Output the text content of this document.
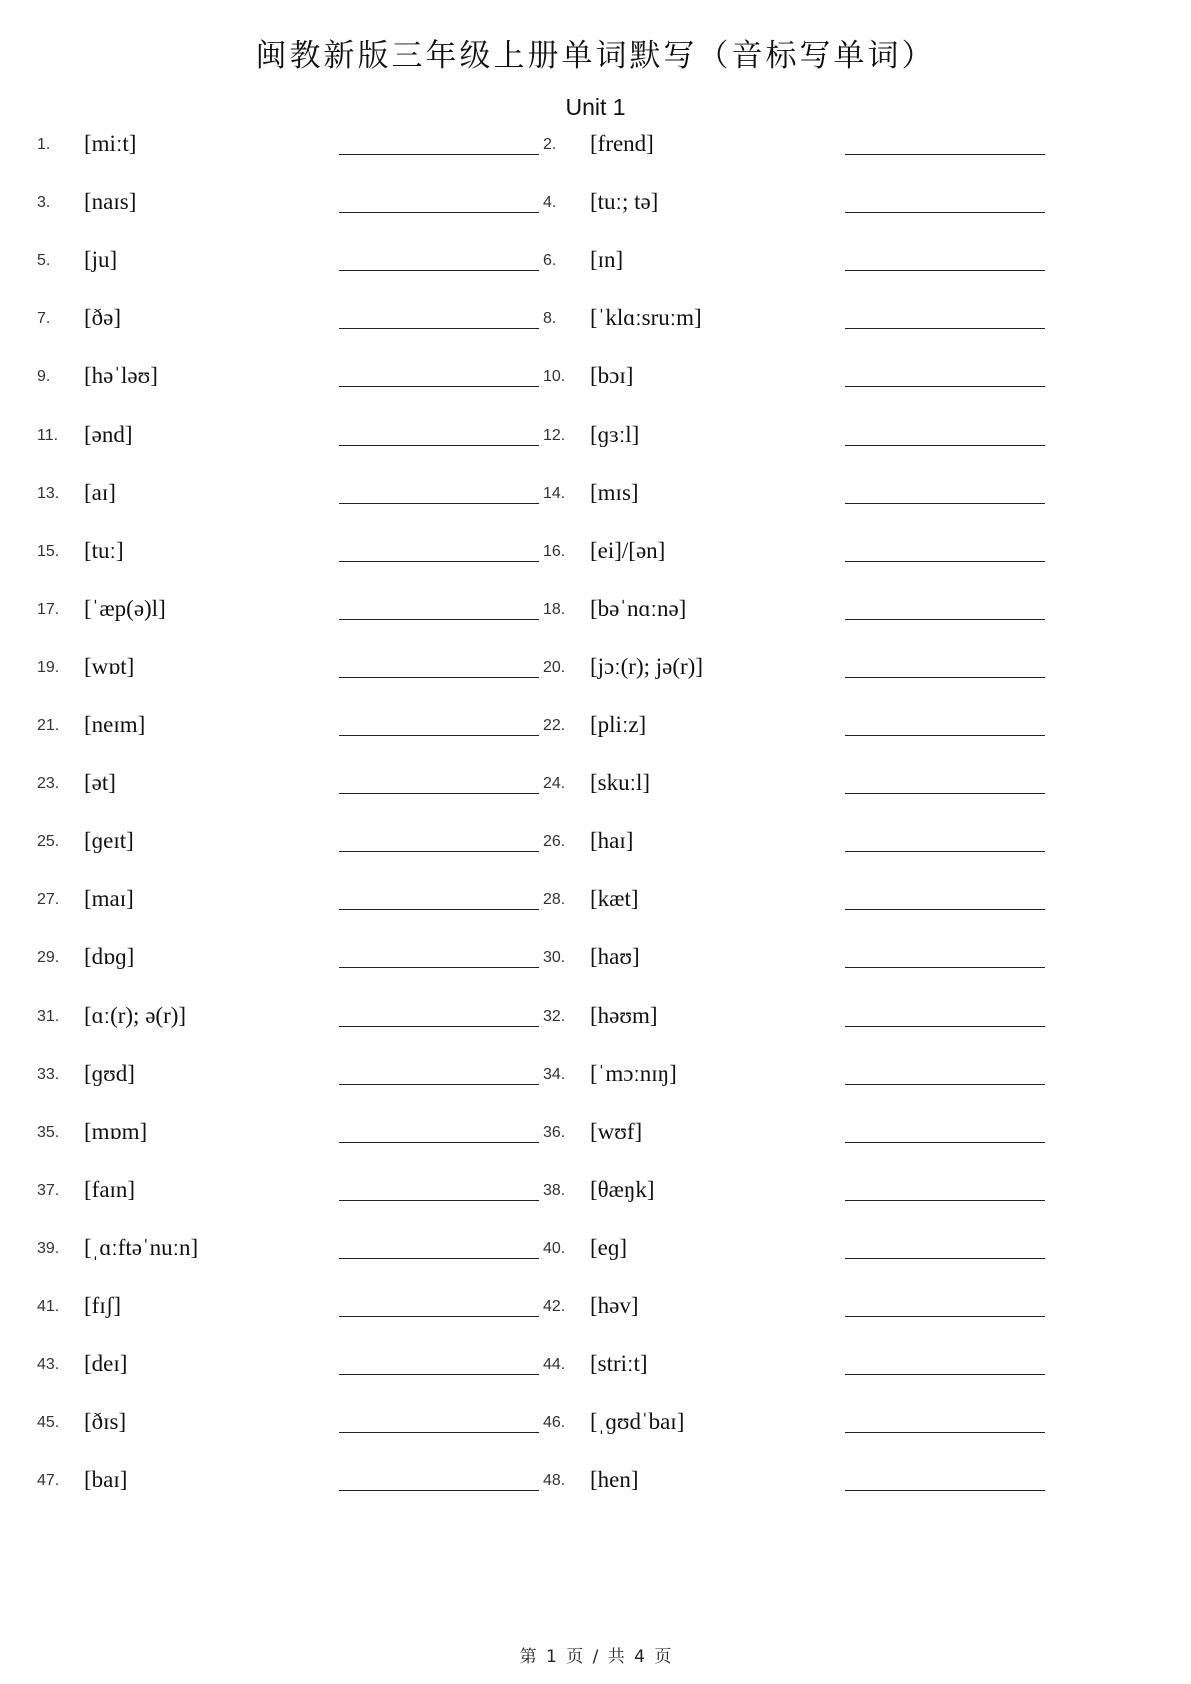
闽教新版三年级上册单词默写（音标写单词）
Unit 1
1. [miːt]	2. [frend]
3. [naɪs]	4. [tuː; tə]
5. [ju]	6. [ɪn]
7. [ðə]	8. [ˈklɑːsruːm]
9. [həˈləʊ]	10. [bɔɪ]
11. [ənd]	12. [ɡɜːl]
13. [aɪ]	14. [mɪs]
15. [tuː]	16. [ei]/[ən]
17. [ˈæp(ə)l]	18. [bəˈnɑːnə]
19. [wɒt]	20. [jɔː(r); jə(r)]
21. [neɪm]	22. [pliːz]
23. [ət]	24. [skuːl]
25. [ɡeɪt]	26. [haɪ]
27. [maɪ]	28. [kæt]
29. [dɒɡ]	30. [haʊ]
31. [ɑː(r); ə(r)]	32. [həʊm]
33. [ɡʊd]	34. [ˈmɔːnɪŋ]
35. [mɒm]	36. [wʊf]
37. [faɪn]	38. [θæŋk]
39. [ˌɑːftəˈnuːn]	40. [eɡ]
41. [fɪʃ]	42. [həv]
43. [deɪ]	44. [striːt]
45. [ðɪs]	46. [ˌɡʊdˈbaɪ]
47. [baɪ]	48. [hen]
第 1 页 / 共 4 页
